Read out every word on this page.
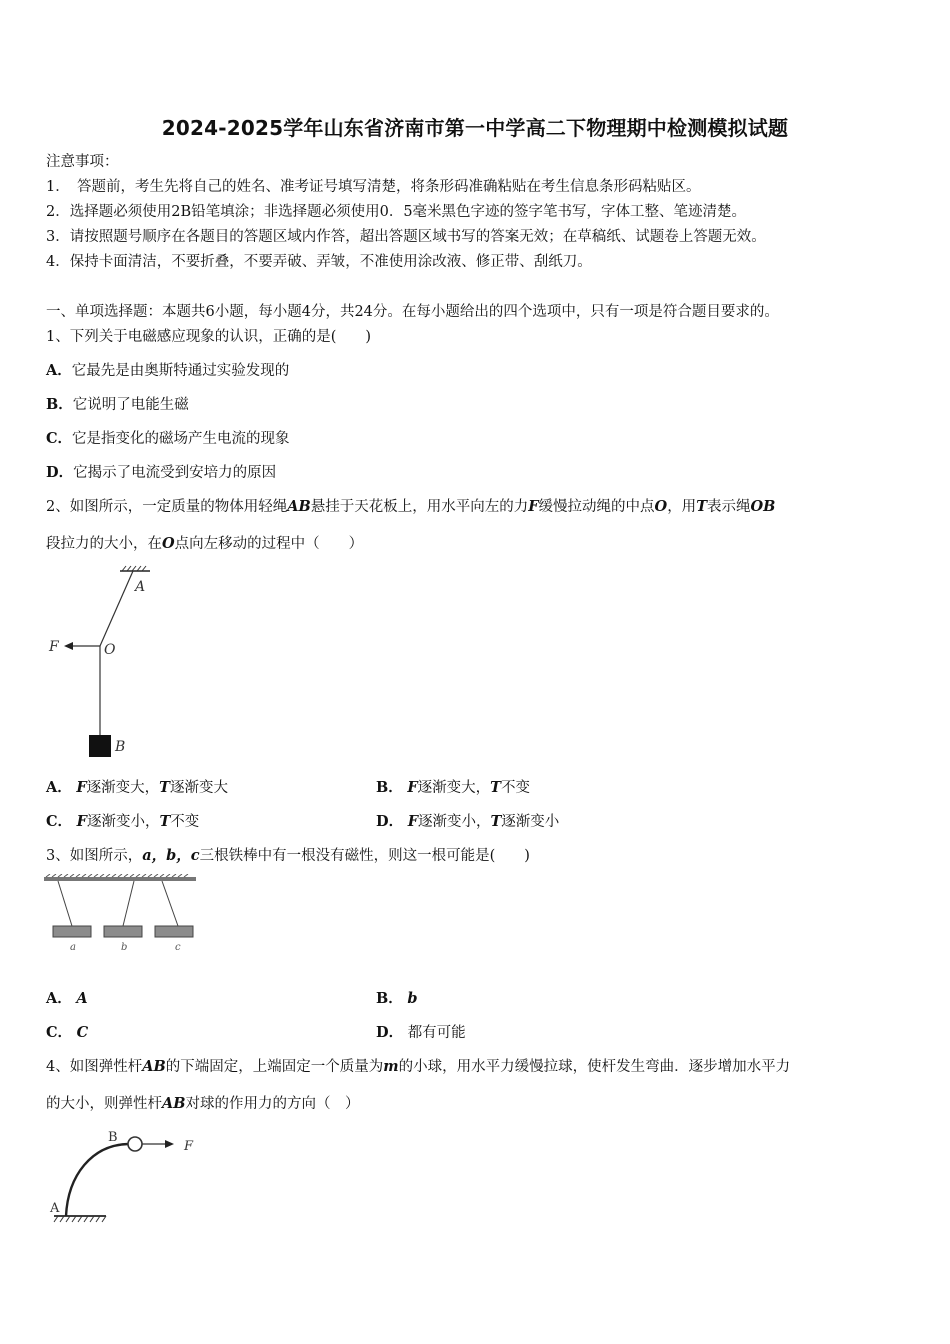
2024-2025学年山东省济南市第一中学高二下物理期中检测模拟试题
注意事项：
1．　答题前，考生先将自己的姓名、准考证号填写清楚，将条形码准确粘贴在考生信息条形码粘贴区。
2．选择题必须使用2B铅笔填涂；非选择题必须使用0．5毫米黑色字迹的签字笔书写，字体工整、笔迹清楚。
3．请按照题号顺序在各题目的答题区域内作答，超出答题区域书写的答案无效；在草稿纸、试题卷上答题无效。
4．保持卡面清洁，不要折叠，不要弄破、弄皱，不准使用涂改液、修正带、刮纸刀。
一、单项选择题：本题共6小题，每小题4分，共24分。在每小题给出的四个选项中，只有一项是符合题目要求的。
1、下列关于电磁感应现象的认识，正确的是(　　)
A．它最先是由奥斯特通过实验发现的
B．它说明了电能生磁
C．它是指变化的磁场产生电流的现象
D．它揭示了电流受到安培力的原因
2、如图所示，一定质量的物体用轻绳AB悬挂于天花板上，用水平向左的力F缓慢拉动绳的中点O，用T表示绳OB
段拉力的大小，在O点向左移动的过程中（　　）
A
O
F
B
A． F逐渐变大，T逐渐变大	B． F逐渐变大，T不变
C． F逐渐变小，T不变	D． F逐渐变小，T逐渐变小
3、如图所示，a，b，c三根铁棒中有一根没有磁性，则这一根可能是(　　)
a	b	c
A． A	B． b
C． C	D． 都有可能
4、如图弹性杆AB的下端固定，上端固定一个质量为m的小球，用水平力缓慢拉球，使杆发生弯曲．逐步增加水平力
的大小，则弹性杆AB对球的作用力的方向（　）
B
A
F
